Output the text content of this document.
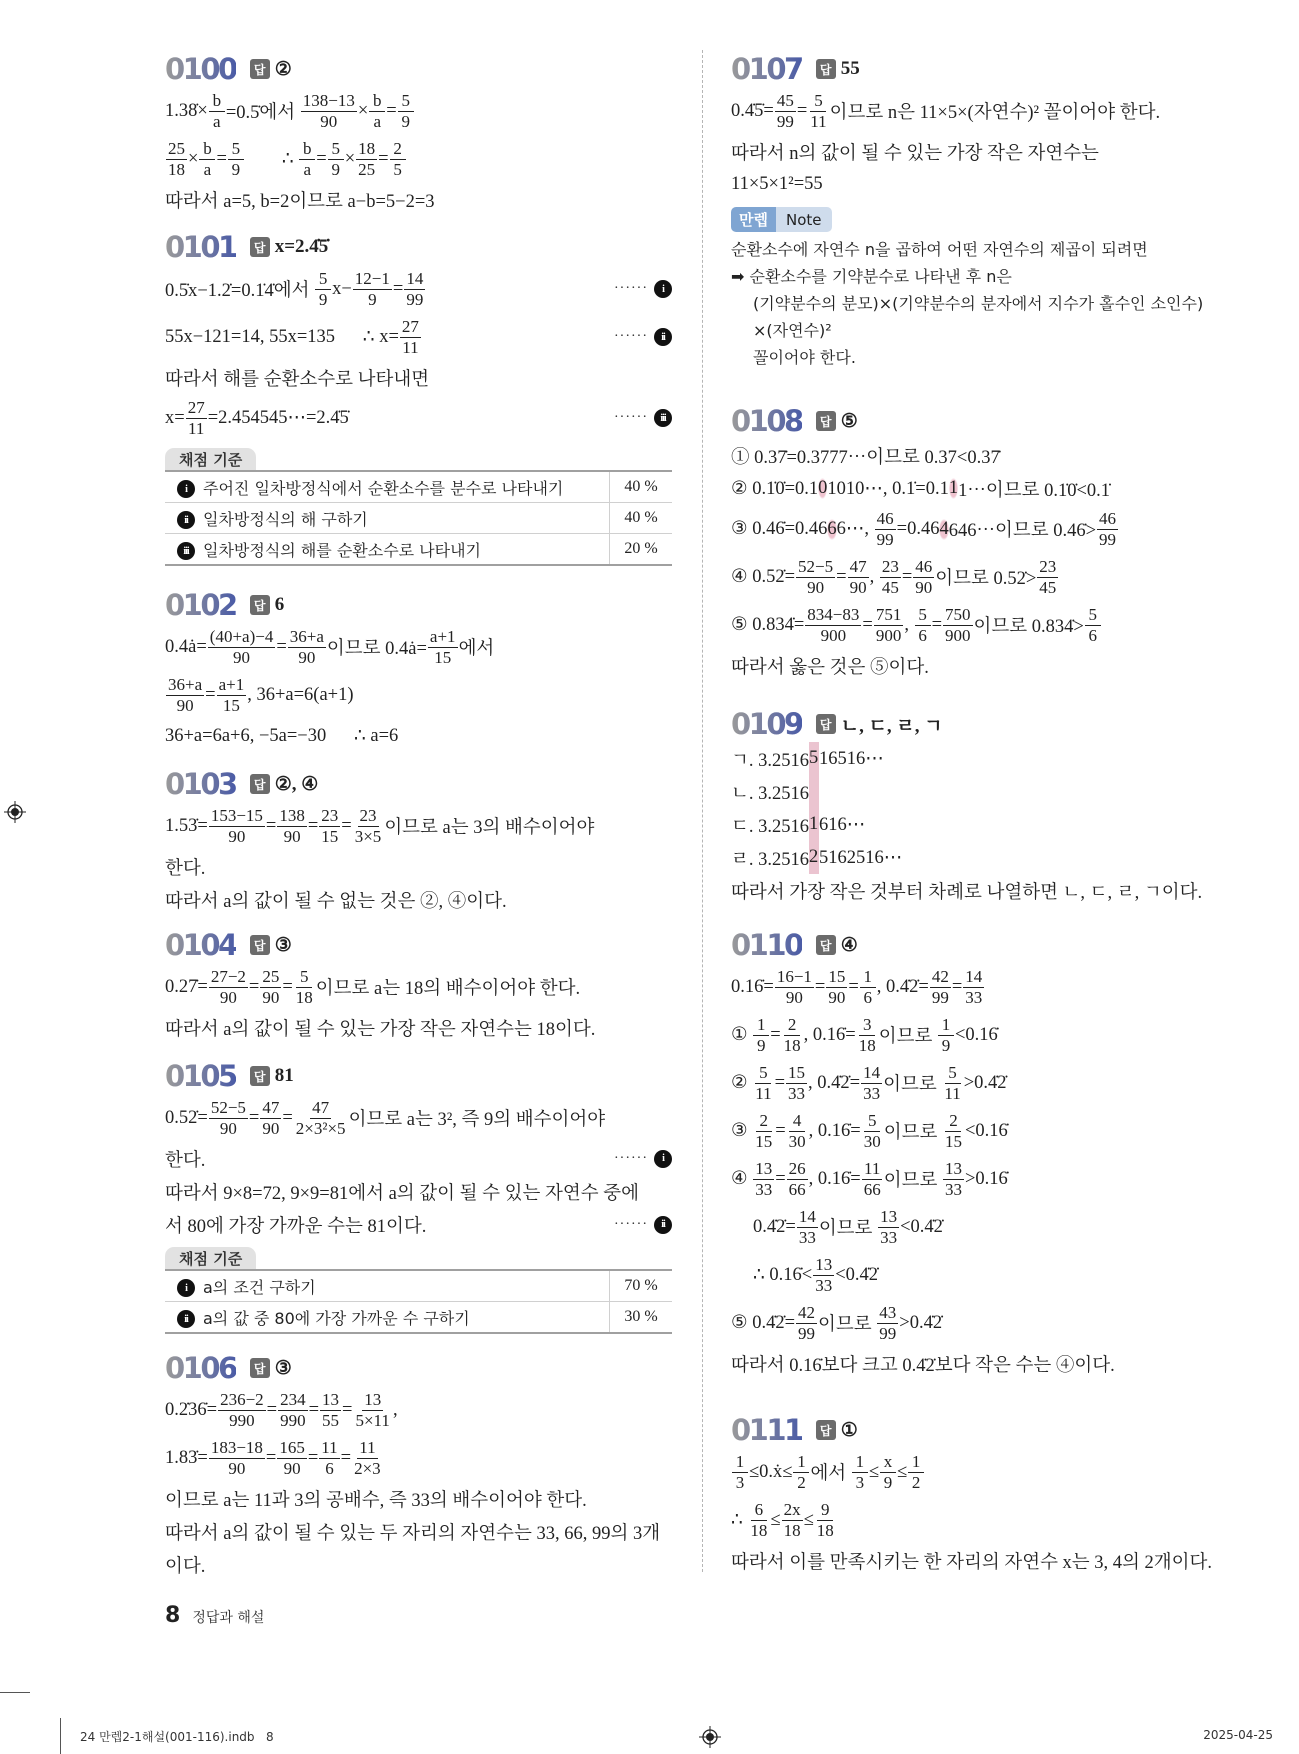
0100	답 ②
1.38̇× $\frac{b}{a}$ =0.5̇에서 $\frac{138-13}{90} \times \frac{b}{a} = \frac{5}{9}$
$\frac{25}{18} \times \frac{b}{a} = \frac{5}{9}$ ∴ $\frac{b}{a} = \frac{5}{9} \times \frac{18}{25} = \frac{2}{5}$
따라서 a=5, b=2이므로 a−b=5−2=3
0101	답 x=2.4̇5̇
0.5̇x−1.2̇=0.1̇4̇에서 $\frac{5}{9} x- \frac{12-1}{9} = \frac{14}{99}$	······	i
55x−121=14, 55x=135      ∴ $x= \frac{27}{11}$	······	ii
따라서 해를 순환소수로 나타내면
$x= \frac{27}{11}$ =2.454545⋯=2.4̇5̇	······	iii
채점 기준
i 주어진 일차방정식에서 순환소수를 분수로 나타내기	40 %
ii 일차방정식의 해 구하기	40 %
iii 일차방정식의 해를 순환소수로 나타내기	20 %
0102	답 6
0.4ȧ= $\frac{(40+a)-4}{90} = \frac{36+a}{90}$ 이므로 0.4ȧ= $\frac{a+1}{15}$ 에서
$\frac{36+a}{90} = \frac{a+1}{15}$ , 36+a=6(a+1)
36+a=6a+6, −5a=−30      ∴ a=6
0103	답 ②, ④
1.53̇= $\frac{153-15}{90} = \frac{138}{90} = \frac{23}{15} = \frac{23}{3\times 5}$ 이므로 a는 3의 배수이어야
한다.
따라서 a의 값이 될 수 없는 것은 ②, ④이다.
0104	답 ③
0.27̇= $\frac{27-2}{90} = \frac{25}{90} = \frac{5}{18}$ 이므로 a는 18의 배수이어야 한다.
따라서 a의 값이 될 수 있는 가장 작은 자연수는 18이다.
0105	답 81
0.52̇= $\frac{52-5}{90} = \frac{47}{90} = \frac{47}{\text{2×3²×5}}$ 이므로 a는 3², 즉 9의 배수이어야
한다.	······	i
따라서 9×8=72, 9×9=81에서 a의 값이 될 수 있는 자연수 중에
서 80에 가장 가까운 수는 81이다.	······	ii
채점 기준
i a의 조건 구하기	70 %
ii a의 값 중 80에 가장 가까운 수 구하기	30 %
0106	답 ③
0.2̇36̇= $\frac{236-2}{990} = \frac{234}{990} = \frac{13}{55} = \frac{13}{5\times 11}$ ,
1.83̇= $\frac{183-18}{90} = \frac{165}{90} = \frac{11}{6} = \frac{11}{2\times 3}$
이므로 a는 11과 3의 공배수, 즉 33의 배수이어야 한다.
따라서 a의 값이 될 수 있는 두 자리의 자연수는 33, 66, 99의 3개
이다.
0107	답 55
0.4̇5̇= $\frac{45}{99} = \frac{5}{11}$ 이므로 n은 11×5×(자연수)² 꼴이어야 한다.
따라서 n의 값이 될 수 있는 가장 작은 자연수는
11×5×1²=55
만렙	Note
순환소수에 자연수 n을 곱하여 어떤 자연수의 제곱이 되려면
➡ 순환소수를 기약분수로 나타낸 후 n은
(기약분수의 분모)×(기약분수의 분자에서 지수가 홀수인 소인수)
×(자연수)²
꼴이어야 한다.
0108	답 ⑤
① 0.37̇=0.3777⋯이므로 0.37<0.37̇
② 0.1̇0̇=0.1 0 1010⋯, 0.1̇=0.1 1 1⋯이므로 0.1̇0̇<0.1̇
③ 0.46̇=0.46 6 6⋯, $\frac{46}{99} =0.46$ 4 646⋯이므로 0.46̇> $\frac{46}{99}$
④ 0.52̇= $\frac{52-5}{90} = \frac{47}{90}$ , $\frac{23}{45} = \frac{46}{90}$ 이므로 0.52̇> $\frac{23}{45}$
⑤ 0.834̇= $\frac{834-83}{900} = \frac{751}{900}$ , $\frac{5}{6} = \frac{750}{900}$ 이므로 0.834̇> $\frac{5}{6}$
따라서 옳은 것은 ⑤이다.
0109	답 ㄴ, ㄷ, ㄹ, ㄱ
ㄱ. 3.2516 5 16516⋯
ㄴ. 3.2516

ㄷ. 3.2516 1 616⋯
ㄹ. 3.2516 2 5162516⋯
따라서 가장 작은 것부터 차례로 나열하면 ㄴ, ㄷ, ㄹ, ㄱ이다.
0110	답 ④
0.16̇= $\frac{16-1}{90} = \frac{15}{90} = \frac{1}{6}$ , 0.4̇2̇= $\frac{42}{99} = \frac{14}{33}$
① $\frac{1}{9} = \frac{2}{18}$ , 0.16̇= $\frac{3}{18}$ 이므로 $\frac{1}{9}$ <0.16̇
② $\frac{5}{11} = \frac{15}{33}$ , 0.4̇2̇= $\frac{14}{33}$ 이므로 $\frac{5}{11}$ >0.4̇2̇
③ $\frac{2}{15} = \frac{4}{30}$ , 0.16̇= $\frac{5}{30}$ 이므로 $\frac{2}{15}$ <0.16̇
④ $\frac{13}{33} = \frac{26}{66}$ , 0.16̇= $\frac{11}{66}$ 이므로 $\frac{13}{33}$ >0.16̇
0.4̇2̇= $\frac{14}{33}$ 이므로 $\frac{13}{33}$ <0.4̇2̇
∴ 0.16̇< $\frac{13}{33}$ <0.4̇2̇
⑤ 0.4̇2̇= $\frac{42}{99}$ 이므로 $\frac{43}{99}$ >0.4̇2̇
따라서 0.16̇보다 크고 0.4̇2̇보다 작은 수는 ④이다.
0111	답 ①
$\frac{1}{3}$ ≤0.ẋ≤ $\frac{1}{2}$ 에서 $\frac{1}{3} \le \frac{x}{9} \le \frac{1}{2}$
∴ $\frac{6}{18} \le \frac{2x}{18} \le \frac{9}{18}$
따라서 이를 만족시키는 한 자리의 자연수 x는 3, 4의 2개이다.
8 정답과 해설
24 만렙2-1해설(001-116).indb   8	2025-04-25
